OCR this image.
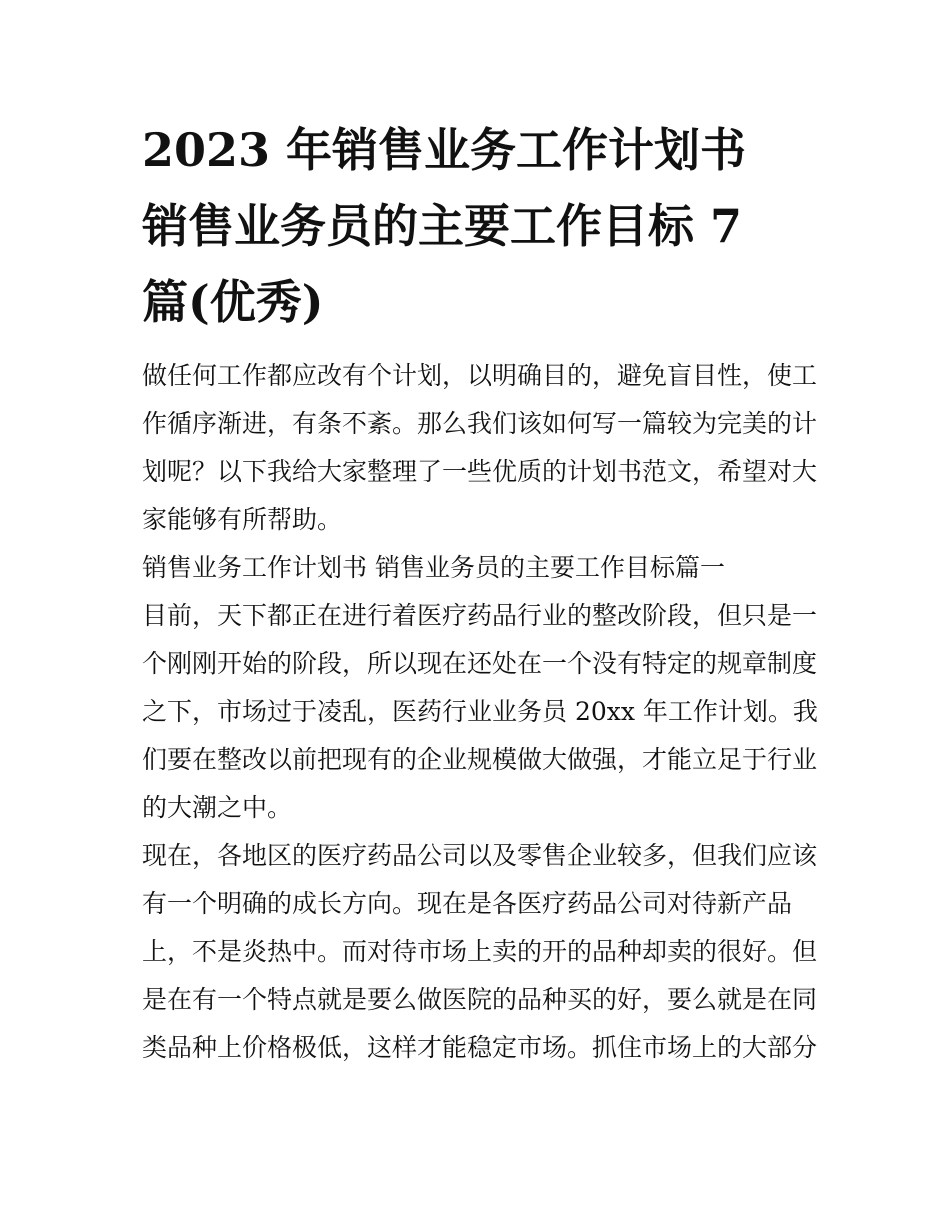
2023 年销售业务工作计划书
销售业务员的主要工作目标 7
篇(优秀)

做任何工作都应改有个计划，以明确目的，避免盲目性，使工
作循序渐进，有条不紊。那么我们该如何写一篇较为完美的计
划呢？以下我给大家整理了一些优质的计划书范文，希望对大
家能够有所帮助。

销售业务工作计划书 销售业务员的主要工作目标篇一

目前，天下都正在进行着医疗药品行业的整改阶段，但只是一
个刚刚开始的阶段，所以现在还处在一个没有特定的规章制度
之下，市场过于凌乱，医药行业业务员 20xx 年工作计划。我
们要在整改以前把现有的企业规模做大做强，才能立足于行业
的大潮之中。

现在，各地区的医疗药品公司以及零售企业较多，但我们应该
有一个明确的成长方向。现在是各医疗药品公司对待新产品
上，不是炎热中。而对待市场上卖的开的品种却卖的很好。但
是在有一个特点就是要么做医院的品种买的好，要么就是在同
类品种上价格极低，这样才能稳定市场。抓住市场上的大部分
